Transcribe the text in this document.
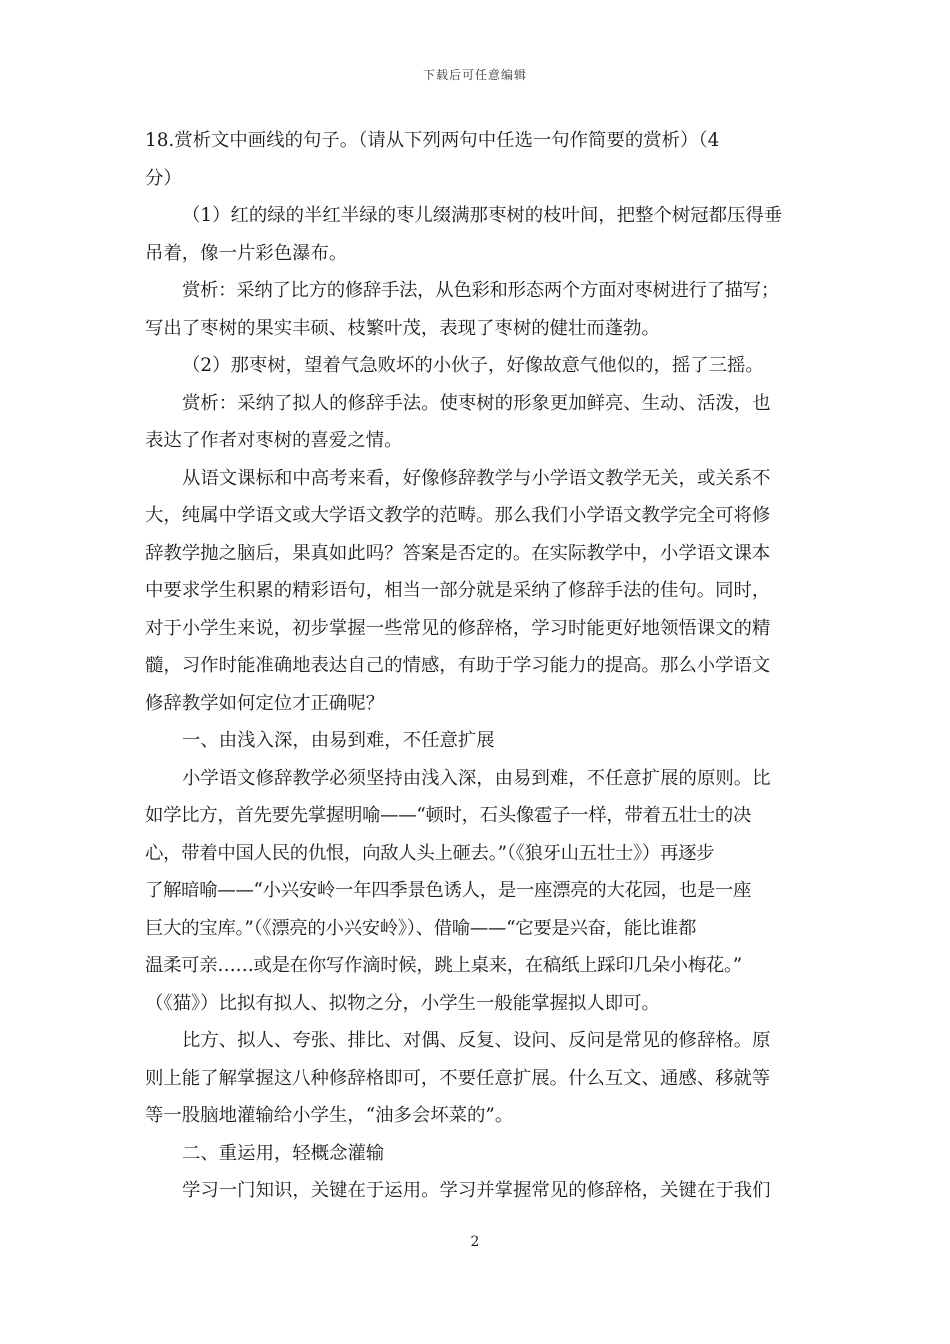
下载后可任意编辑
18.赏析文中画线的句子。（请从下列两句中任选一句作简要的赏析）（4
分）
（1）红的绿的半红半绿的枣儿缀满那枣树的枝叶间，把整个树冠都压得垂
吊着，像一片彩色瀑布。
赏析：采纳了比方的修辞手法，从色彩和形态两个方面对枣树进行了描写；
写出了枣树的果实丰硕、枝繁叶茂，表现了枣树的健壮而蓬勃。
（2）那枣树，望着气急败坏的小伙子，好像故意气他似的，摇了三摇。
赏析：采纳了拟人的修辞手法。使枣树的形象更加鲜亮、生动、活泼，也
表达了作者对枣树的喜爱之情。
从语文课标和中高考来看，好像修辞教学与小学语文教学无关，或关系不
大，纯属中学语文或大学语文教学的范畴。那么我们小学语文教学完全可将修
辞教学抛之脑后，果真如此吗？答案是否定的。在实际教学中，小学语文课本
中要求学生积累的精彩语句，相当一部分就是采纳了修辞手法的佳句。同时，
对于小学生来说，初步掌握一些常见的修辞格，学习时能更好地领悟课文的精
髓，习作时能准确地表达自己的情感，有助于学习能力的提高。那么小学语文
修辞教学如何定位才正确呢？
一、由浅入深，由易到难，不任意扩展
小学语文修辞教学必须坚持由浅入深，由易到难，不任意扩展的原则。比
如学比方，首先要先掌握明喻——“顿时，石头像雹子一样，带着五壮士的决
心，带着中国人民的仇恨，向敌人头上砸去。”（《狼牙山五壮士》）再逐步
了解暗喻——“小兴安岭一年四季景色诱人，是一座漂亮的大花园，也是一座
巨大的宝库。”（《漂亮的小兴安岭》）、借喻——“它要是兴奋，能比谁都
温柔可亲……或是在你写作滴时候，跳上桌来，在稿纸上踩印几朵小梅花。”
（《猫》）比拟有拟人、拟物之分，小学生一般能掌握拟人即可。
比方、拟人、夸张、排比、对偶、反复、设问、反问是常见的修辞格。原
则上能了解掌握这八种修辞格即可，不要任意扩展。什么互文、通感、移就等
等一股脑地灌输给小学生，“油多会坏菜的”。
二、重运用，轻概念灌输
学习一门知识，关键在于运用。学习并掌握常见的修辞格，关键在于我们
2
